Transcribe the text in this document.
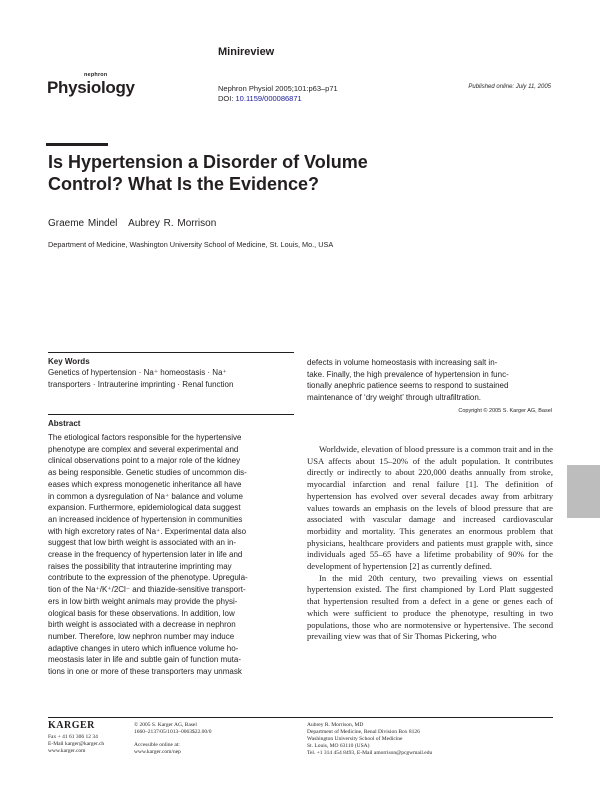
Minireview
nephron
Physiology	Nephron Physiol 2005;101:p63–p71
DOI: 10.1159/000086871
Published online: July 11, 2005
Is Hypertension a Disorder of Volume
Control? What Is the Evidence?
Graeme Mindel   Aubrey R. Morrison
Department of Medicine, Washington University School of Medicine, St. Louis, Mo., USA
Key Words
Genetics of hypertension · Na⁺ homeostasis · Na⁺
transporters · Intrauterine imprinting · Renal function
Abstract
The etiological factors responsible for the hypertensive
phenotype are complex and several experimental and
clinical observations point to a major role of the kidney
as being responsible. Genetic studies of uncommon dis-
eases which express monogenetic inheritance all have
in common a dysregulation of Na⁺ balance and volume
expansion. Furthermore, epidemiological data suggest
an increased incidence of hypertension in communities
with high excretory rates of Na⁺. Experimental data also
suggest that low birth weight is associated with an in-
crease in the frequency of hypertension later in life and
raises the possibility that intrauterine imprinting may
contribute to the expression of the phenotype. Upregula-
tion of the Na⁺/K⁺/2Cl⁻ and thiazide-sensitive transport-
ers in low birth weight animals may provide the physi-
ological basis for these observations. In addition, low
birth weight is associated with a decrease in nephron
number. Therefore, low nephron number may induce
adaptive changes in utero which influence volume ho-
meostasis later in life and subtle gain of function muta-
tions in one or more of these transporters may unmask
defects in volume homeostasis with increasing salt in-
take. Finally, the high prevalence of hypertension in func-
tionally anephric patience seems to respond to sustained
maintenance of ‘dry weight’ through ultrafiltration.
Copyright © 2005 S. Karger AG, Basel

Worldwide, elevation of blood pressure is a common trait and in the USA affects about 15–20% of the adult population. It contributes directly or indirectly to about 220,000 deaths annually from stroke, myocardial infarction and renal failure [1]. The definition of hypertension has evolved over several decades away from arbitrary values towards an emphasis on the levels of blood pressure that are associated with vascular damage and increased cardiovascular morbidity and mortality. This generates an enormous problem that physicians, healthcare providers and patients must grapple with, since individuals aged 55–65 have a lifetime probability of 90% for the development of hypertension [2] as currently defined.

In the mid 20th century, two prevailing views on essential hypertension existed. The first championed by Lord Platt suggested that hypertension resulted from a defect in a gene or genes each of which were sufficient to produce the phenotype, resulting in two populations, those who are normotensive or hypertensive. The second prevailing view was that of Sir Thomas Pickering, who

KARGER
Fax + 41 61 306 12 34
E-Mail karger@karger.ch
www.karger.com
© 2005 S. Karger AG, Basel
1660–2137/05/1013–0063$22.00/0
Accessible online at:
www.karger.com/nep
Aubrey R. Morrison, MD
Department of Medicine, Renal Division Box 8126
Washington University School of Medicine
St. Louis, MO 63110 (USA)
Tel. +1 314 454 8493, E-Mail amorrison@pcgwmail.edu
